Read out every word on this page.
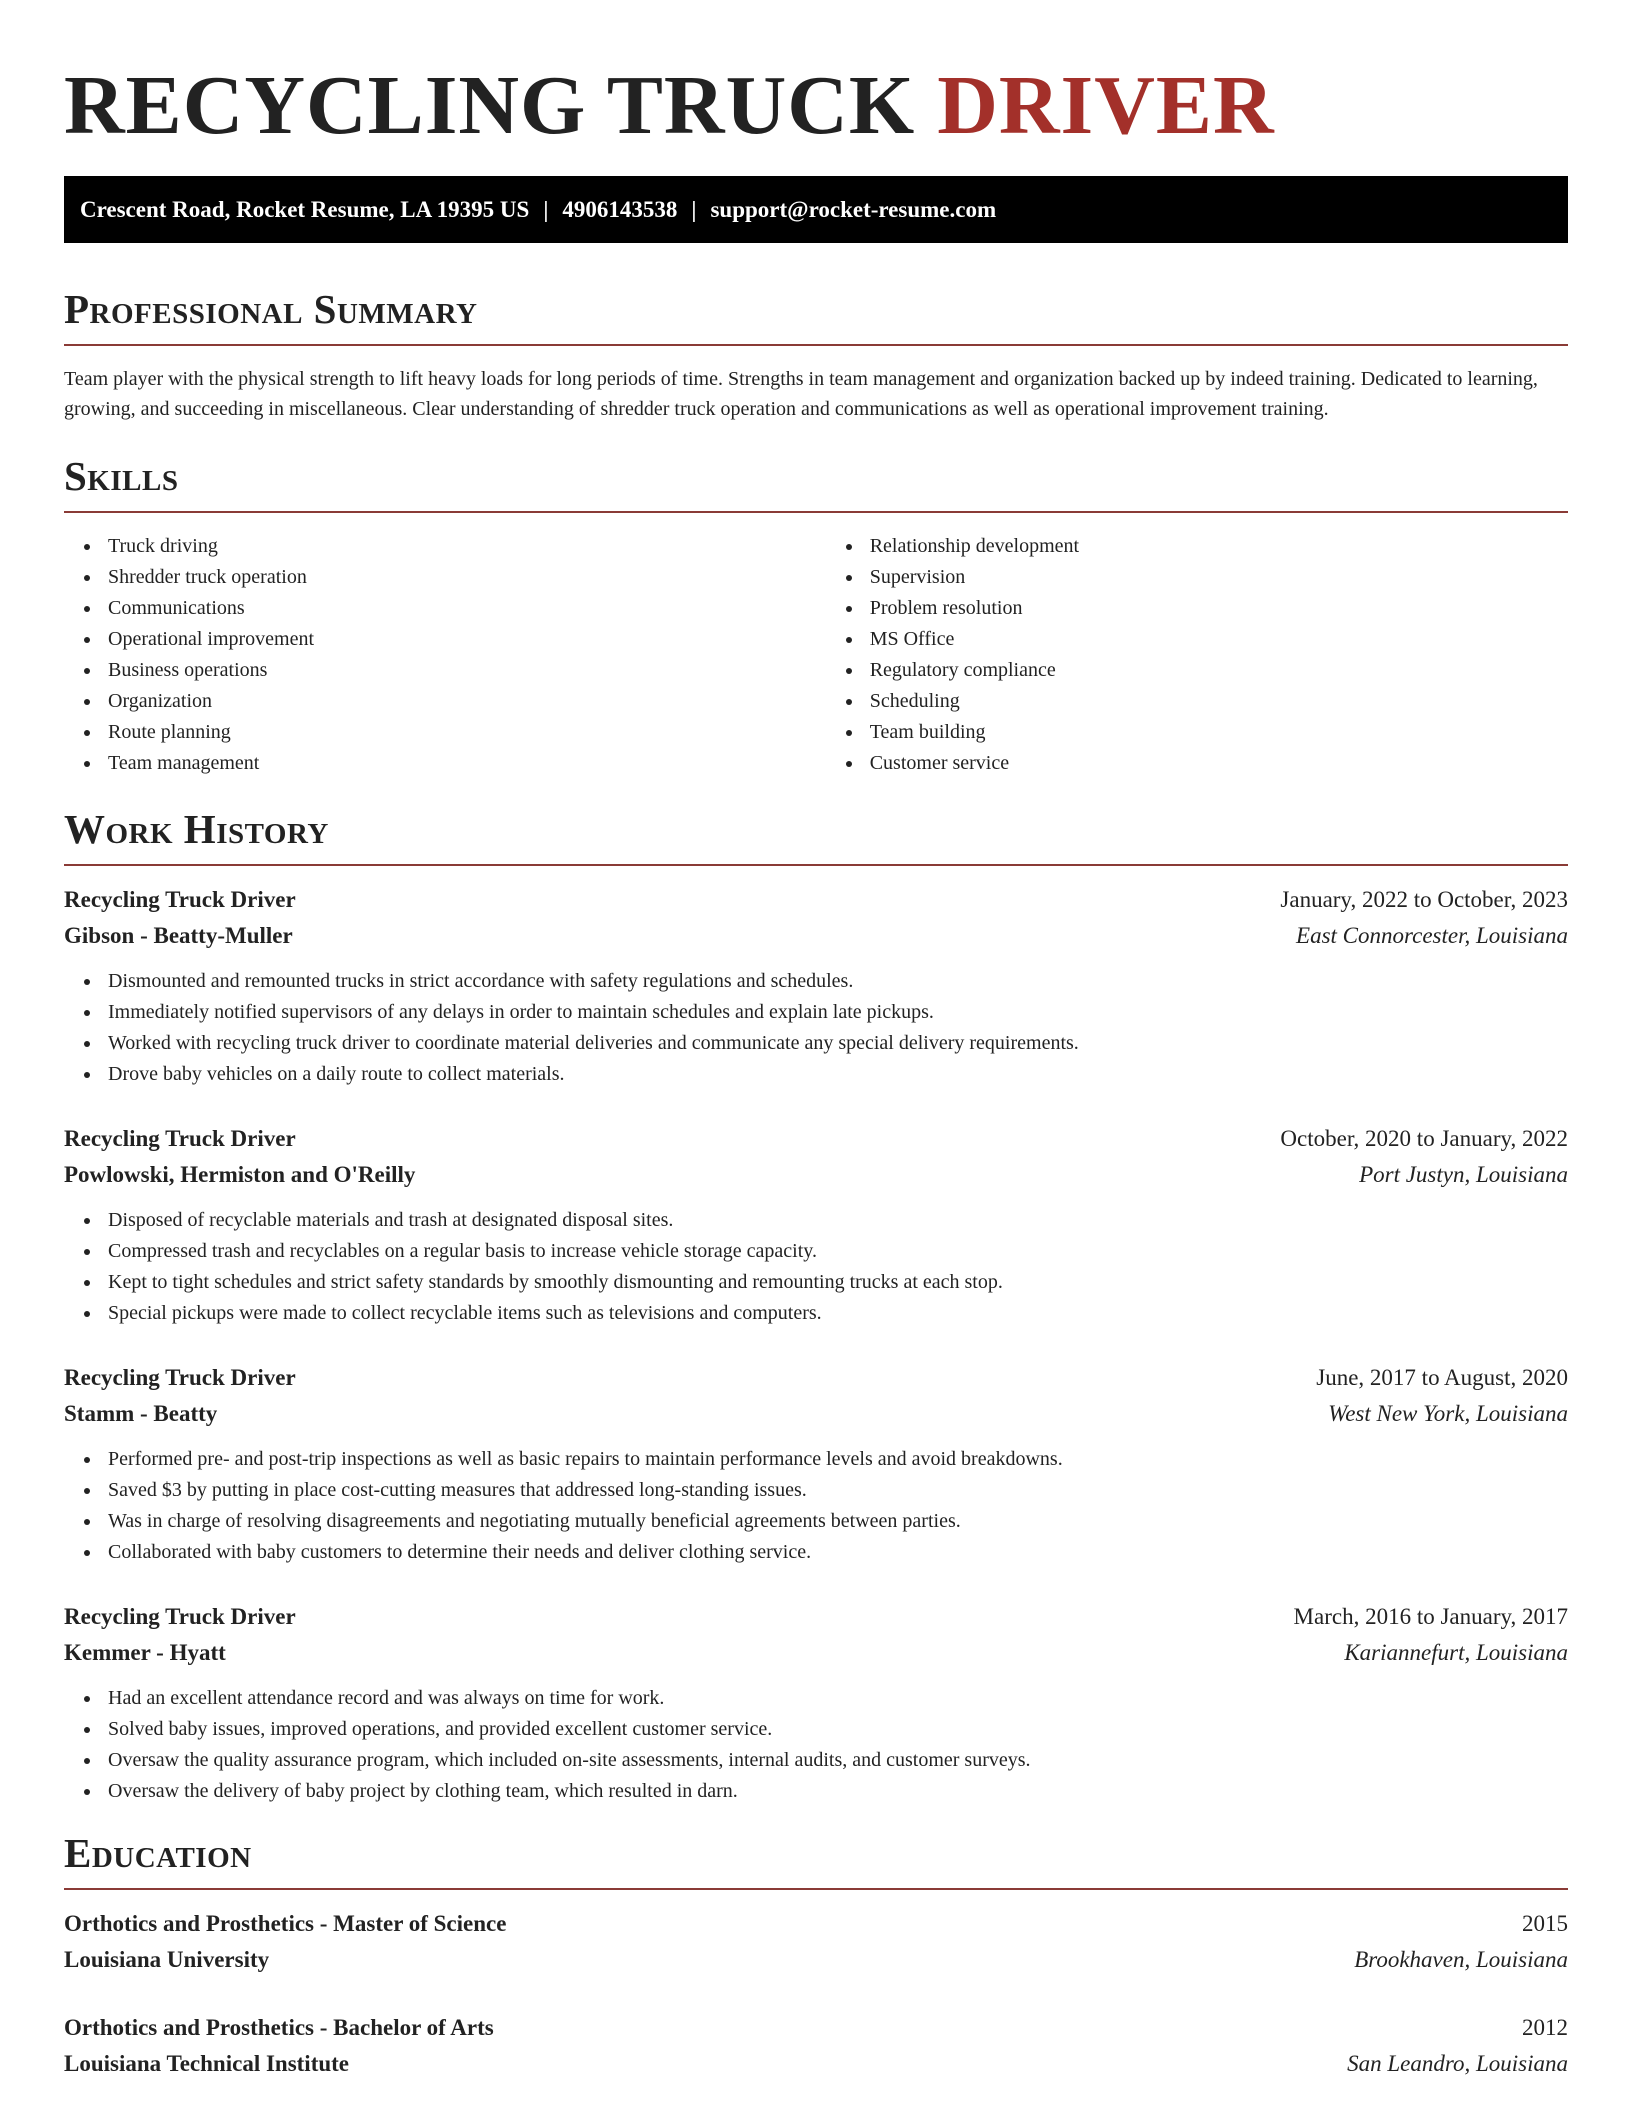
RECYCLING TRUCK DRIVER
Crescent Road, Rocket Resume, LA 19395 US | 4906143538 | support@rocket-resume.com
Professional Summary

Team player with the physical strength to lift heavy loads for long periods of time. Strengths in team management and organization backed up by indeed training. Dedicated to learning, growing, and succeeding in miscellaneous. Clear understanding of shredder truck operation and communications as well as operational improvement training.

Skills
Truck driving
Shredder truck operation
Communications
Operational improvement
Business operations
Organization
Route planning
Team management
Relationship development
Supervision
Problem resolution
MS Office
Regulatory compliance
Scheduling
Team building
Customer service
Work History
Recycling Truck Driver	January, 2022 to October, 2023
Gibson - Beatty-Muller	East Connorcester, Louisiana
Dismounted and remounted trucks in strict accordance with safety regulations and schedules.
Immediately notified supervisors of any delays in order to maintain schedules and explain late pickups.
Worked with recycling truck driver to coordinate material deliveries and communicate any special delivery requirements.
Drove baby vehicles on a daily route to collect materials.
Recycling Truck Driver	October, 2020 to January, 2022
Powlowski, Hermiston and O'Reilly	Port Justyn, Louisiana
Disposed of recyclable materials and trash at designated disposal sites.
Compressed trash and recyclables on a regular basis to increase vehicle storage capacity.
Kept to tight schedules and strict safety standards by smoothly dismounting and remounting trucks at each stop.
Special pickups were made to collect recyclable items such as televisions and computers.
Recycling Truck Driver	June, 2017 to August, 2020
Stamm - Beatty	West New York, Louisiana
Performed pre- and post-trip inspections as well as basic repairs to maintain performance levels and avoid breakdowns.
Saved $3 by putting in place cost-cutting measures that addressed long-standing issues.
Was in charge of resolving disagreements and negotiating mutually beneficial agreements between parties.
Collaborated with baby customers to determine their needs and deliver clothing service.
Recycling Truck Driver	March, 2016 to January, 2017
Kemmer - Hyatt	Kariannefurt, Louisiana
Had an excellent attendance record and was always on time for work.
Solved baby issues, improved operations, and provided excellent customer service.
Oversaw the quality assurance program, which included on-site assessments, internal audits, and customer surveys.
Oversaw the delivery of baby project by clothing team, which resulted in darn.
Education
Orthotics and Prosthetics - Master of Science	2015
Louisiana University	Brookhaven, Louisiana
Orthotics and Prosthetics - Bachelor of Arts	2012
Louisiana Technical Institute	San Leandro, Louisiana
